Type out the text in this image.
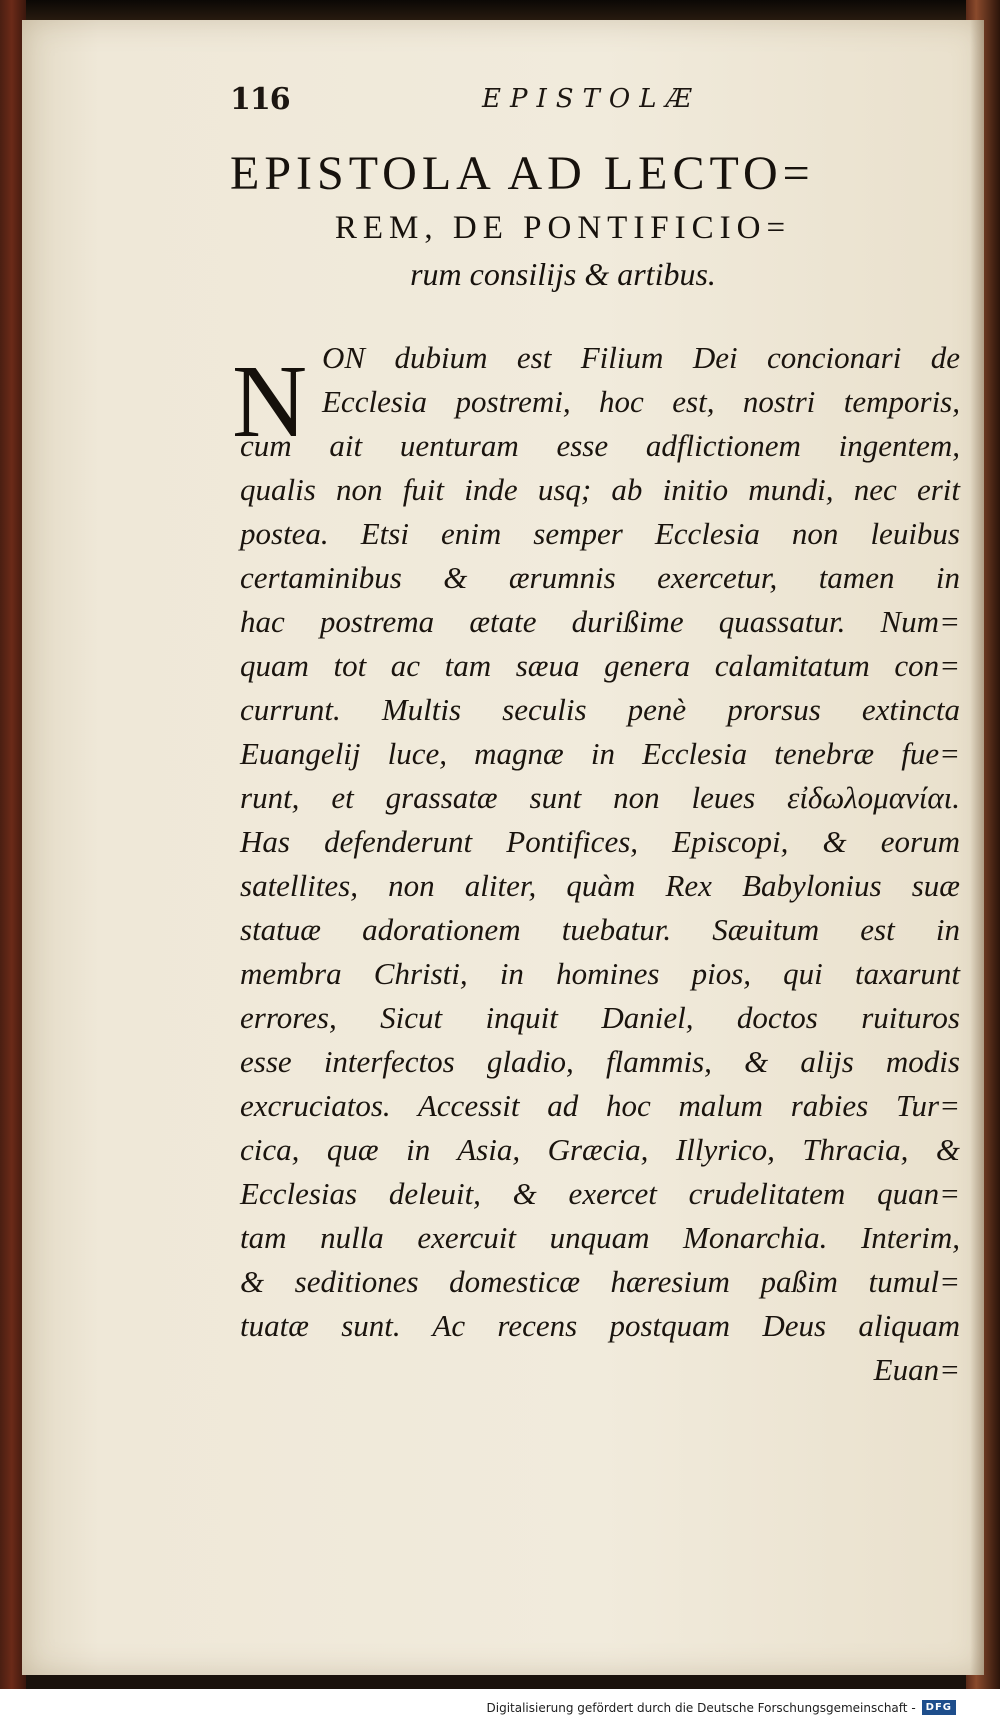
116	EPISTOLÆ
EPISTOLA AD LECTO=
REM, DE PONTIFICIO=
rum consilijs & artibus.
N ON dubium est Filium Dei concionari de
Ecclesia postremi, hoc est, nostri temporis,
cum ait uenturam esse adflictionem ingentem,
qualis non fuit inde usq; ab initio mundi, nec erit
postea. Etsi enim semper Ecclesia non leuibus
certaminibus & ærumnis exercetur, tamen in
hac postrema ætate durißime quassatur. Num=
quam tot ac tam sæua genera calamitatum con=
currunt. Multis seculis penè prorsus extincta
Euangelij luce, magnæ in Ecclesia tenebræ fue=
runt, et grassatæ sunt non leues εἰδωλομανίαι.
Has defenderunt Pontifices, Episcopi, & eorum
satellites, non aliter, quàm Rex Babylonius suæ
statuæ adorationem tuebatur. Sæuitum est in
membra Christi, in homines pios, qui taxarunt
errores, Sicut inquit Daniel, doctos ruituros
esse interfectos gladio, flammis, & alijs modis
excruciatos. Accessit ad hoc malum rabies Tur=
cica, quæ in Asia, Græcia, Illyrico, Thracia, &
Ecclesias deleuit, & exercet crudelitatem quan=
tam nulla exercuit unquam Monarchia. Interim,
& seditiones domesticæ hæresium paßim tumul=
tuatæ sunt. Ac recens postquam Deus aliquam
Euan=
Digitalisierung gefördert durch die Deutsche Forschungsgemeinschaft -	DFG
